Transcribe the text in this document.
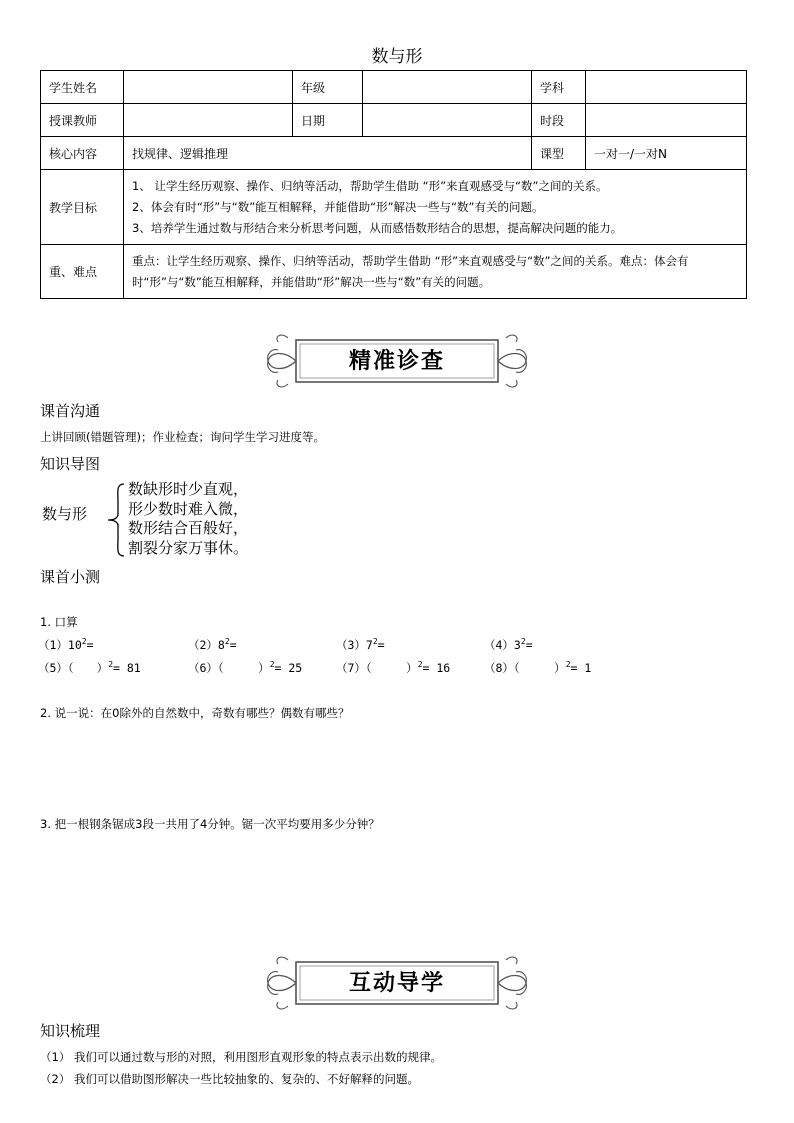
数与形
学生姓名		年级		学科	
授课教师		日期		时段	
核心内容	找规律、逻辑推理			课型	一对一/一对N
教学目标	1、 让学生经历观察、操作、归纳等活动，帮助学生借助 “形”来直观感受与“数”之间的关系。
2、体会有时“形”与“数”能互相解释，并能借助“形”解决一些与“数”有关的问题。
3、培养学生通过数与形结合来分析思考问题，从而感悟数形结合的思想，提高解决问题的能力。				

重、难点	重点：让学生经历观察、操作、归纳等活动，帮助学生借助 “形”来直观感受与“数”之间的关系。难点：体会有时“形”与“数”能互相解释，并能借助“形”解决一些与“数”有关的问题。				
精准诊查
课首沟通
上讲回顾(错题管理)；作业检查；询问学生学习进度等。
知识导图
数与形
数缺形时少直观，
形少数时难入微，
数形结合百般好，
割裂分家万事休。
课首小测
1. 口算
$(1)10^2=$	$(2)8^2=$	$(3)7^2=$	$(4)3^2=$
（5）（　　）$^2$= 81	（6）（　　　）$^2$= 25	（7）（　　　）$^2$= 16	（8）（　　　）$^2$= 1
2. 说一说：在0除外的自然数中，奇数有哪些？偶数有哪些？
3. 把一根钢条锯成3段一共用了4分钟。锯一次平均要用多少分钟？
互动导学
知识梳理
（1） 我们可以通过数与形的对照，利用图形直观形象的特点表示出数的规律。
（2） 我们可以借助图形解决一些比较抽象的、复杂的、不好解释的问题。
